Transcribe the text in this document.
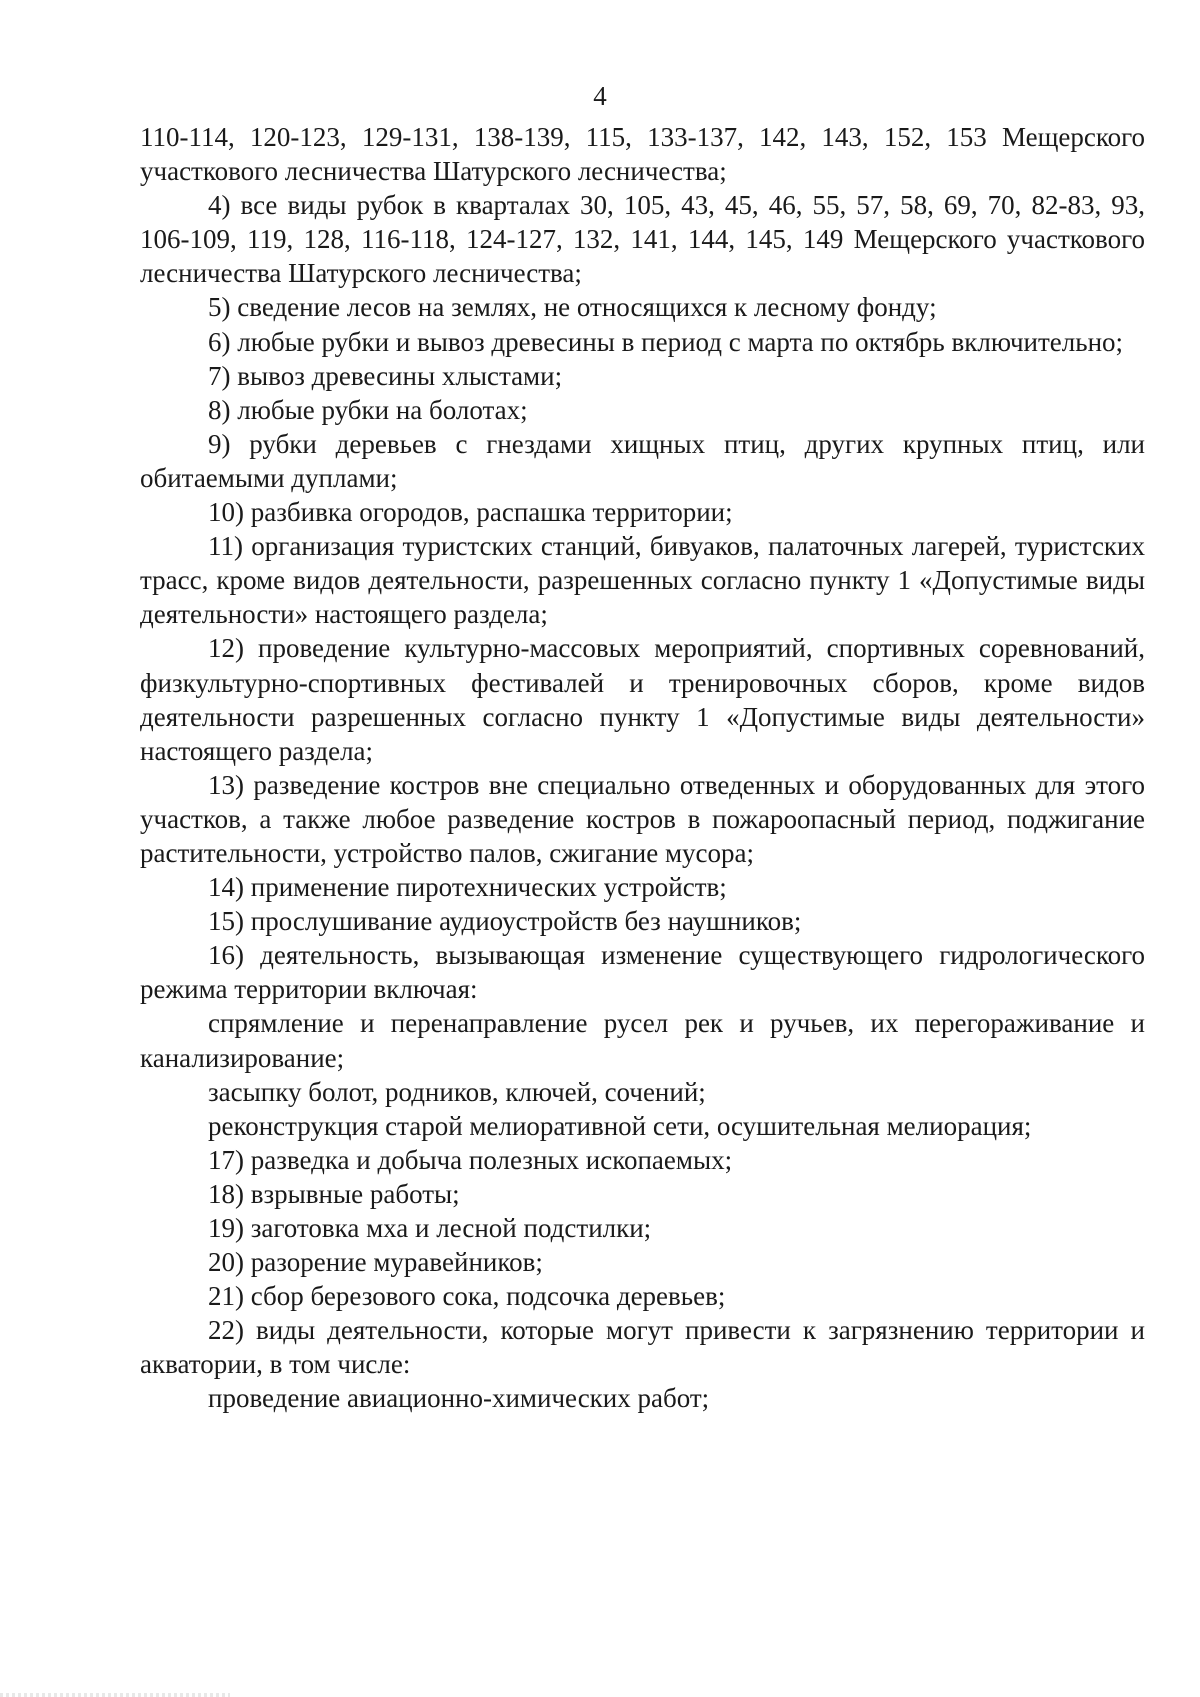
4

110-114, 120-123, 129-131, 138-139, 115, 133-137, 142, 143, 152, 153 Мещерского участкового лесничества Шатурского лесничества;

4) все виды рубок в кварталах 30, 105, 43, 45, 46, 55, 57, 58, 69, 70, 82-83, 93, 106-109, 119, 128, 116-118, 124-127, 132, 141, 144, 145, 149 Мещерского участкового лесничества Шатурского лесничества;

5) сведение лесов на землях, не относящихся к лесному фонду;

6) любые рубки и вывоз древесины в период с марта по октябрь включительно;

7) вывоз древесины хлыстами;

8) любые рубки на болотах;

9) рубки деревьев с гнездами хищных птиц, других крупных птиц, или обитаемыми дуплами;

10) разбивка огородов, распашка территории;

11) организация туристских станций, бивуаков, палаточных лагерей, туристских трасс, кроме видов деятельности, разрешенных согласно пункту 1 «Допустимые виды деятельности» настоящего раздела;

12) проведение культурно-массовых мероприятий, спортивных соревнований, физкультурно-спортивных фестивалей и тренировочных сборов, кроме видов деятельности разрешенных согласно пункту 1 «Допустимые виды деятельности» настоящего раздела;

13) разведение костров вне специально отведенных и оборудованных для этого участков, а также любое разведение костров в пожароопасный период, поджигание растительности, устройство палов, сжигание мусора;

14) применение пиротехнических устройств;

15) прослушивание аудиоустройств без наушников;

16) деятельность, вызывающая изменение существующего гидрологического режима территории включая:

спрямление и перенаправление русел рек и ручьев, их перегораживание и канализирование;

засыпку болот, родников, ключей, сочений;

реконструкция старой мелиоративной сети, осушительная мелиорация;

17) разведка и добыча полезных ископаемых;

18) взрывные работы;

19) заготовка мха и лесной подстилки;

20) разорение муравейников;

21) сбор березового сока, подсочка деревьев;

22) виды деятельности, которые могут привести к загрязнению территории и акватории, в том числе:

проведение авиационно-химических работ;
